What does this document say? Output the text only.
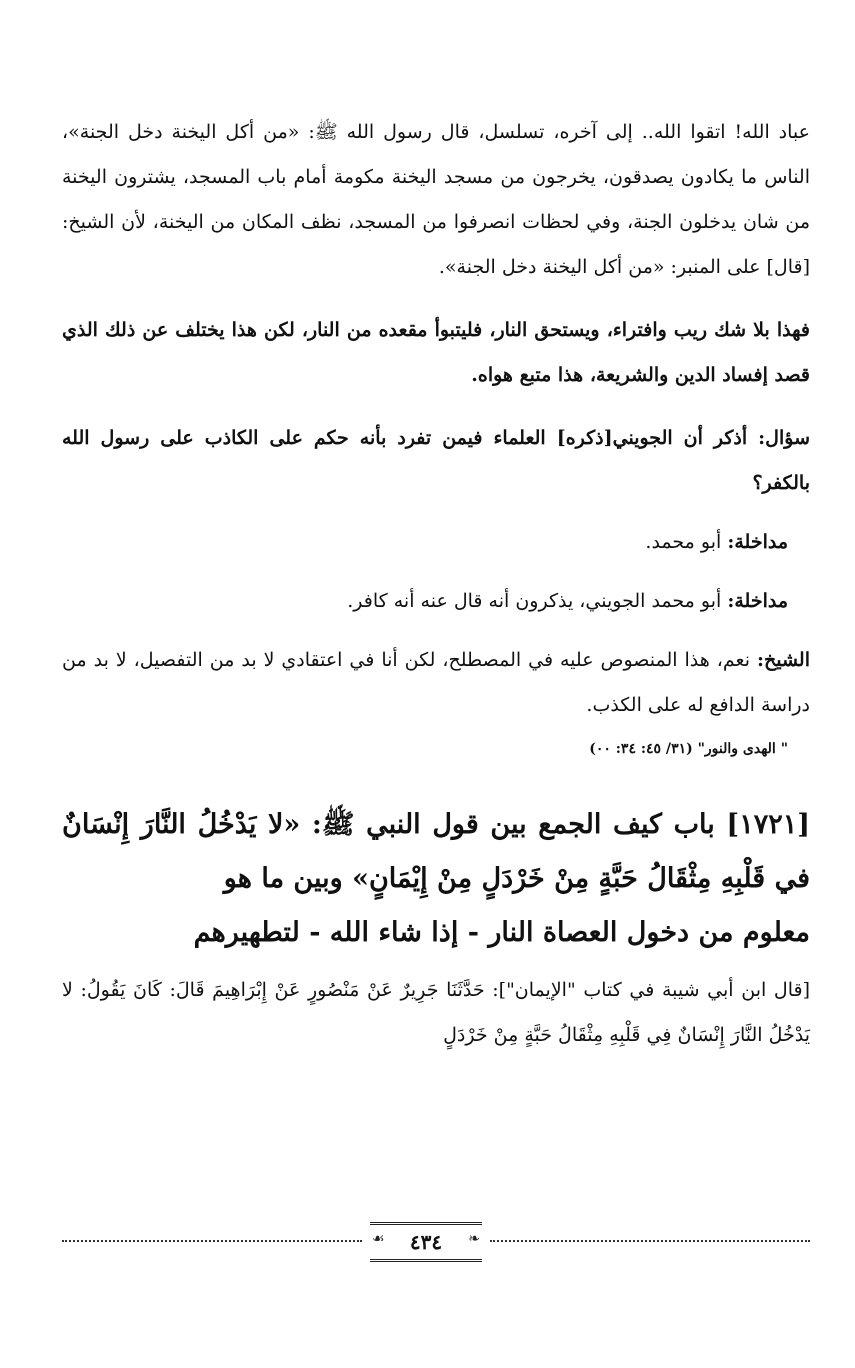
عباد الله! اتقوا الله.. إلى آخره، تسلسل، قال رسول الله ﷺ: «من أكل اليخنة دخل الجنة»، الناس ما يكادون يصدقون، يخرجون من مسجد اليخنة مكومة أمام باب المسجد، يشترون اليخنة من شان يدخلون الجنة، وفي لحظات انصرفوا من المسجد، نظف المكان من اليخنة، لأن الشيخ: [قال] على المنبر: «من أكل اليخنة دخل الجنة».

فهذا بلا شك ريب وافتراء، ويستحق النار، فليتبوأ مقعده من النار، لكن هذا يختلف عن ذلك الذي قصد إفساد الدين والشريعة، هذا متبع هواه.

سؤال: أذكر أن الجويني[ذكره] العلماء فيمن تفرد بأنه حكم على الكاذب على رسول الله بالكفر؟

مداخلة: أبو محمد.

مداخلة: أبو محمد الجويني، يذكرون أنه قال عنه أنه كافر.

الشيخ: نعم، هذا المنصوص عليه في المصطلح، لكن أنا في اعتقادي لا بد من التفصيل، لا بد من دراسة الدافع له على الكذب.

" الهدى والنور" (٣١/ ٤٥: ٣٤: ٠٠)

[١٧٢١] باب كيف الجمع بين قول النبي ﷺ: «لا يَدْخُلُ النَّارَ إِنْسَانٌ في قَلْبِهِ مِثْقَالُ حَبَّةٍ مِنْ خَرْدَلٍ مِنْ إِيْمَانٍ» وبين ما هو
معلوم من دخول العصاة النار - إذا شاء الله - لتطهيرهم

[قال ابن أبي شيبة في كتاب "الإيمان"]: حَدَّثَنَا جَرِيرٌ عَنْ مَنْصُورٍ عَنْ إِبْرَاهِيمَ قَالَ: كَانَ يَقُولُ: لا يَدْخُلُ النَّارَ إِنْسَانٌ فِي قَلْبِهِ مِثْقَالُ حَبَّةٍ مِنْ خَرْدَلٍ

❧
٤٣٤
☙
